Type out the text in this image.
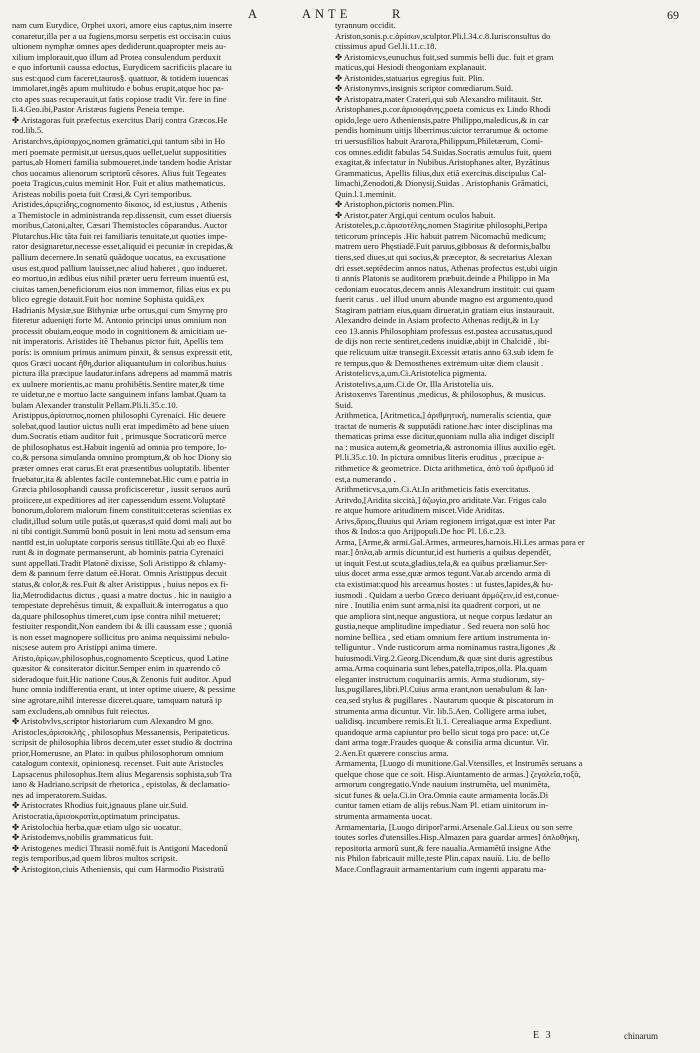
A	ANTE	R	69
nam cum Eurydice, Orphei uxori, amore eius captus,nim inserre
conaretur,illa per a ua fugiens,morsu serpetis est occisa:in cuius
ultionem nymphæ omnes apes dediderunt.quapropter meis au-
xilium implorauit,quo illum ad Protea consulendum perduxit
e quo infortunii caussa edoctus, Eurydicem sacrificiis placare iu
sus est:quod cum faceret,tauros§. quattuor, & totidem iuuencas
immolaret,ingês apum multitudo e bobus erupit,atque hoc pa-
cto apes suas recuperauit,ut fatis copiose tradit Vir. fere in fine
li.4.Geo.ibi,Pastor Aristæus fugiens Peneia tempe.
✤ Aristagoras fuit præfectus exercitus Darij contra Græcos.He
rod.lib.5.
Aristarchvs,ἀρίσαρχος,nomen grāmatici,qui tantum sibi in Ho
meri poemate permisit,ut uersus,quos uellet,uelut suppositities
partus,ab Homeri familia submoueret.inde tandem hodie Aristar
chos uocamus alienorum scriptorū cēsores. Alius fuit Tegeates
poeta Tragicus,cuius meminit Hor. Fuit et alius mathematicus.
Aristeas nobilis poeta fuit Cræsi,& Cyri temporibus.
Aristides,ἀριςείδης,cognomento δίκαιος, id est,iustus , Athenis
a Themistocle in administranda rep.dissensit, cum esset diuersis
moribus,Catoni,alter, Cæsari Themistocles cōparandus. Auctor
Plutarchus.Hic tāta fuit rei familiaris tenuitate,ut quoties impe-
rator designaretur,necesse esset,aliquid ei pecuniæ in crepidas,&
pallium decernere.In senatū quādoque uocatus, ea excusatione
usus est,quod pallium lauisset,nec aliud haberet , quo indueret.
eo mortuo,in ædibus eius nihil præter ueru ferreum inuentū est,
ciuitas tamen,beneficiorum eius non immemor, filias eius ex pu
blico egregie dotauit.Fuit hoc nomine Sophista quidā,ex
Hadrianis Mysiæ,sue Bithyniæ urbe ortus,qui cum Smyrnę pro
fiteretur aduenięti forte M. Antonio principi unus omnium non
processit obuiam,eoque modo in cognitionem & amicitiam ue-
nit imperatoris. Aristides itē Thebanus pictor fuit, Apellis tem
poris: is omnium primus animum pinxit, & sensus expressit etit,
quos Græci uocant ἤθη,durior aliquantulum in coloribus.huius
pictura illa præcipue laudatur.infans adrepens ad mammā matris
ex uulnere morientis,ac manu prohibētis.Sentire mater,& time
re uidetur,ne e mortuo lacte sanguinem infans lambat.Quam ta
bulam Alexander transtulit Pellam.Pli.li.35.c.10.
Aristippus,ἀρίσιππος,nomen philosophi Cyrenaici. Hic deuere
solebat,quod lautior uictus nulli erat impedimēto ad bene uiuen
dum.Socratis etiam auditor fuit , primusque Socraticorū merce
de philosophatus est.Habuit ingeniū ad omnia pro tempore, lo-
co,& persona simulanda omnino promptum,& ob hoc Diony sio
præter omnes erat carus.Et erat præsentibus uoluptatib. libenter
fruebatur,ita & ablentes facile contemnebat.Hic cum e patria in
Græcia philosophandi caussa proficisceretur , iussit seruos aurū
proiicere,ut expeditiores ad iter capessendum essent.Voluptatē
bonorum,dolorem malorum finem constituit:ceteras scientias ex
cludit,illud solum utile putās,ut quæras,sī quid domi mali aut bo
ni tibi contigit.Summū bonū posuit in leni motu ad sensum ema
nantīd est,in uoluptate corporis sensus titillāte.Qui ab eo fluxē
runt & in dogmate permanserunt, ab hominis patria Cyrenaici
sunt appellati.Tradit Platonē dixisse, Soli Aristippo & chlamy-
dem & pannum ferre datum eē.Horat. Omnis Aristippus decuit
status,& color,& res.Fuit & alter Aristippus , huius nepos ex fi-
lia,Metrodidactus dictus , quasi a matre doctus . hic in nauigio a
tempestate deprehēsus timuit, & expalluit.& interrogatus a quo
da,quare philosophus timeret,cum ipse contra nihil metueret;
festiuiter respondit,Non eandem ibi & illi caussam esse ; quoniā
is non esset magnopere sollicitus pro anima nequissimi nebulo-
nis;sese autem pro Aristippi anima timere.
Aristo,ἀρίςων,philosophus,cognomento Scepticus, quod Latine
quæsitor & consiterator dicitur.Semper enim in quærendo cō
sideradoque fuit.Hic natione Cous,& Zenonis fuit auditor. Apud
hunc omnia indifferentia erant, ut inter optime uiuere, & pessime
sine agrotare,nihil interesse diceret.quare, tamquam naturā ip
sam excludens,ab omnibus fuit reiectus.
✤ Aristobvlvs,scriptor historiarum cum Alexandro M gno.
Aristocles,ἀρισοκλῆς , philosophus Messanensis, Peripateticus.
scripsit de philosophia libros decem,uter esset studio & doctrina
prior,Homerusne, an Plato: in quibus philosophorum omnium
catalogum contexit, opinionesq. recenset. Fuit aute Aristocles
Lapsacenus philosophus.Item alius Megarensis sophista,sub Tra
iano & Hadriano.scripsit de rhetorica , epistolas, & declamatio-
nes ad imperatorem.Suidas.
✤ Aristocrates Rhodius fuit,ignauus plane uir.Suid.
Aristocratia,ἀρισοκρατία,optimatum principatus.
✤ Aristolochia herba,quæ etiam ulgo sic uocatur.
✤ Aristodemvs,nobilis grammaticus fuit.
✤ Aristogenes medici Thrasii nomē.fuit is Antigoni Macedonū
regis temporibus,ad quem libros multos scripsit.
✤ Aristogiton,ciuis Atheniensis, qui cum Harmodio Pisistratū
tyrannum occidit.
Ariston,sonis.p.c.ἀρίσων,sculptor.Pli.l.34.c.8.Iurisconsultus do
ctissimus apud Gel.li.11.c.18.
✤ Aristomicvs,eunuchus fuit,sed summis belli duc. fuit et gram
maticus,qui Hesiodi theogoniam explanauit.
✤ Aristonides,statuarius egregius fuit. Plin.
✤ Aristonymvs,insignis scriptor comœdiarum.Suid.
✤ Aristopatra,mater Crateri,qui sub Alexandro militauit. Str.
Aristophanes,p.cor.ἀρισοφάνης,poeta comicus ex Lindo Rhodi
opido,lege uero Atheniensis,patre Philippo,maledicus,& in car
pendis hominum uitijs liberrimus:uictor terrarumue & octome
tri uersusfilios habuit Araroτa,Philippum,Philetærum, Comi-
cos omnes.edidit fabulas 54.Suidas.Socratis æmulus fuit, quem
exagitat,& infectatur in Nubibus.Aristophanes alter, Byzātinus
Grammaticus, Apellis filius,dux etiā exercitus.discipulus Cal-
limachi,Zenodoti,& Dionysij.Suidas . Aristophanis Grāmatici,
Quin.l.1.meminit.
✤ Aristophon,pictoris nomen.Plin.
✤ Aristor,pater Argi,qui centum oculos habuit.
Aristoteles,p.c.ἀρισοτέλης,nomen Stagiritæ philosophi,Peripa
teticorum princepis .Hic habuit patrem Nicomachū medicum;
matrem uero Phęstiadē.Fuit paruus,gibbosus & deformis,balbu
tiens,sed diues,ut qui socius,& præceptor, & secretarius Alexan
dri esset.septēdecim annos natus, Athenas profectus est,ubi uigin
ti annis Platonis se auditorem præbuit.deinde a Philippo in Ma
cedoniam euocatus,decem annis Alexandrum instituit: cui quam
fuerit carus . uel illud unum abunde magno est argumento,quod
Stagiram patriam eius,quam diruerat,in gratiam eius instaurauit.
Alexandro deinde in Asiam profecto Athenas redijt,& in Ly
ceo 13.annis Philosophiam professus est.postea accusatus,quod
de dijs non recte sentiret,cedens inuidiæ,abijt in Chalcidē , ibi-
que relicuum uitæ transegit.Excessit ætatis anno 63.sub idem fe
re tempus,quo & Demosthenes extremum uitæ diem clausit .
Aristotelicvs,a,um.Ci.Aristotelica pigmenta.
Aristotelivs,a,um.Ci.de Or. Illa Aristotelia uis.
Aristoxenvs Tarentinus ,medicus, & philosophus, & musicus.
Suid.
Arithmetica, [Aritmetica,] ἀριθμητική, numeralis scientia, quæ
tractat de numeris & supputādi ratione.hæc inter disciplinas ma
thematicas prima esse dicitur,quoniam nulla alia indiget disciplī
na : musica autem,& geometria,& astronomia illius auxilio egēt.
Pl.li.35.c.10. In pictura omnibus literis eruditus , præcipue a-
rithmetice & geometrice. Dicta arithmetica, ἀπὸ τοῦ ἀριθμοῦ id
est,a numerando .
Arithmeticvs,a,um.Ci.At.In arithmeticis fatis exercitatus.
Aritvdo,[Aridita siccità,] ἀζωγία,pro ariditate.Var. Frigus calo
re atque humore aritudinem miscet.Vide Ariditas.
Arivs,ἄριος,fluuius qui Ariam regionem irrigat,quæ est inter Par
thos & Indos:a quo Arijpopuli.De hoc Pl. l.6.c.23.
Arma, [Arme,& armi.Gal.Armes, armeures,harnois.Hi.Les armas para er
mar.] ὅπλα,ab armis dicuntur,id est humeris a quibus dependēt,
ut inquit Fest.ut scuta,gladius,tela,& ea quibus præliamur.Ser-
uius docet arma esse,quæ armos tegunt.Var.ab arcendo arma di
cta existimat:quod his arceamus hostes : ut fustes,lapides,& hu-
iusmodi . Quidam a uerbo Græco deriuant ἀρμόζειν,id est,conue-
nire . Inutilia enim sunt arma,nisi ita quadrent corpori, ut ne
que ampliora sint,neque angustiora, ut neque corpus lædatur an
gustia,neque amplitudine impediatur . Sed reuera non solū hoc
nomine bellica , sed etiam omnium fere artium instrumenta in-
telliguntur . Vnde rusticorum arma nominamus rastra,ligones ,&
huiusmodi.Virg.2.Georg.Dicendum,& quæ sint duris agrestibus
arma.Arma coquinaria sunt lebes,patella,tripos,olla. Pla.quam
eleganter instructum coquinariis armis. Arma studiorum, sty-
lus,pugillares,libri.Pl.Cuius arma erant,non uenabulum & lan-
cea,sed stylus & pugillares . Nautarum quoque & piscatorum in
strumenta arma dicuntur. Vir. lib.5.Aen. Colligere arma iubet,
ualidisq. incumbere remis.Et li.1. Cerealiaque arma Expediunt.
quandoque arma capiuntur pro bello sicut toga pro pace: ut,Ce
dant arma togæ.Fraudes quoque & consilia arma dicuntur. Vir.
2.Aen.Et quærere conscius arma.
Armamenta, [Luogo di munitione.Gal.Vtensilles, et Instrumēs seruans a
quelque chose que ce soit. Hisp.Aiuntamento de armas.] ζεγαλεῖα,τοξὰ,
armorum congregatio.Vnde nauium instrumēta, uel munimēta,
sicut funes & uela.Ci.in Ora.Omnia caute armamenta locās.Di
cuntur tamen etiam de alijs rebus.Nam Pl. etiam uinitorum in-
strumenta armamenta uocat.
Armamentaria, [Luogo diriporl'armi.Arsenale.Gal.Lieux ou son serre
toutes sorles d'utensilles.Hisp.Almazen para guardar armes] ὁπλοθήκη,
repositoria armorū sunt,& fere naualia.Armamētū insigne Athe
nis Philon fabricauit mille,teste Plin.capax nauiū. Liu. de bello
Mace.Conflagrauit armamentarium cum ingenti apparatu ma-
E 3	chinarum
